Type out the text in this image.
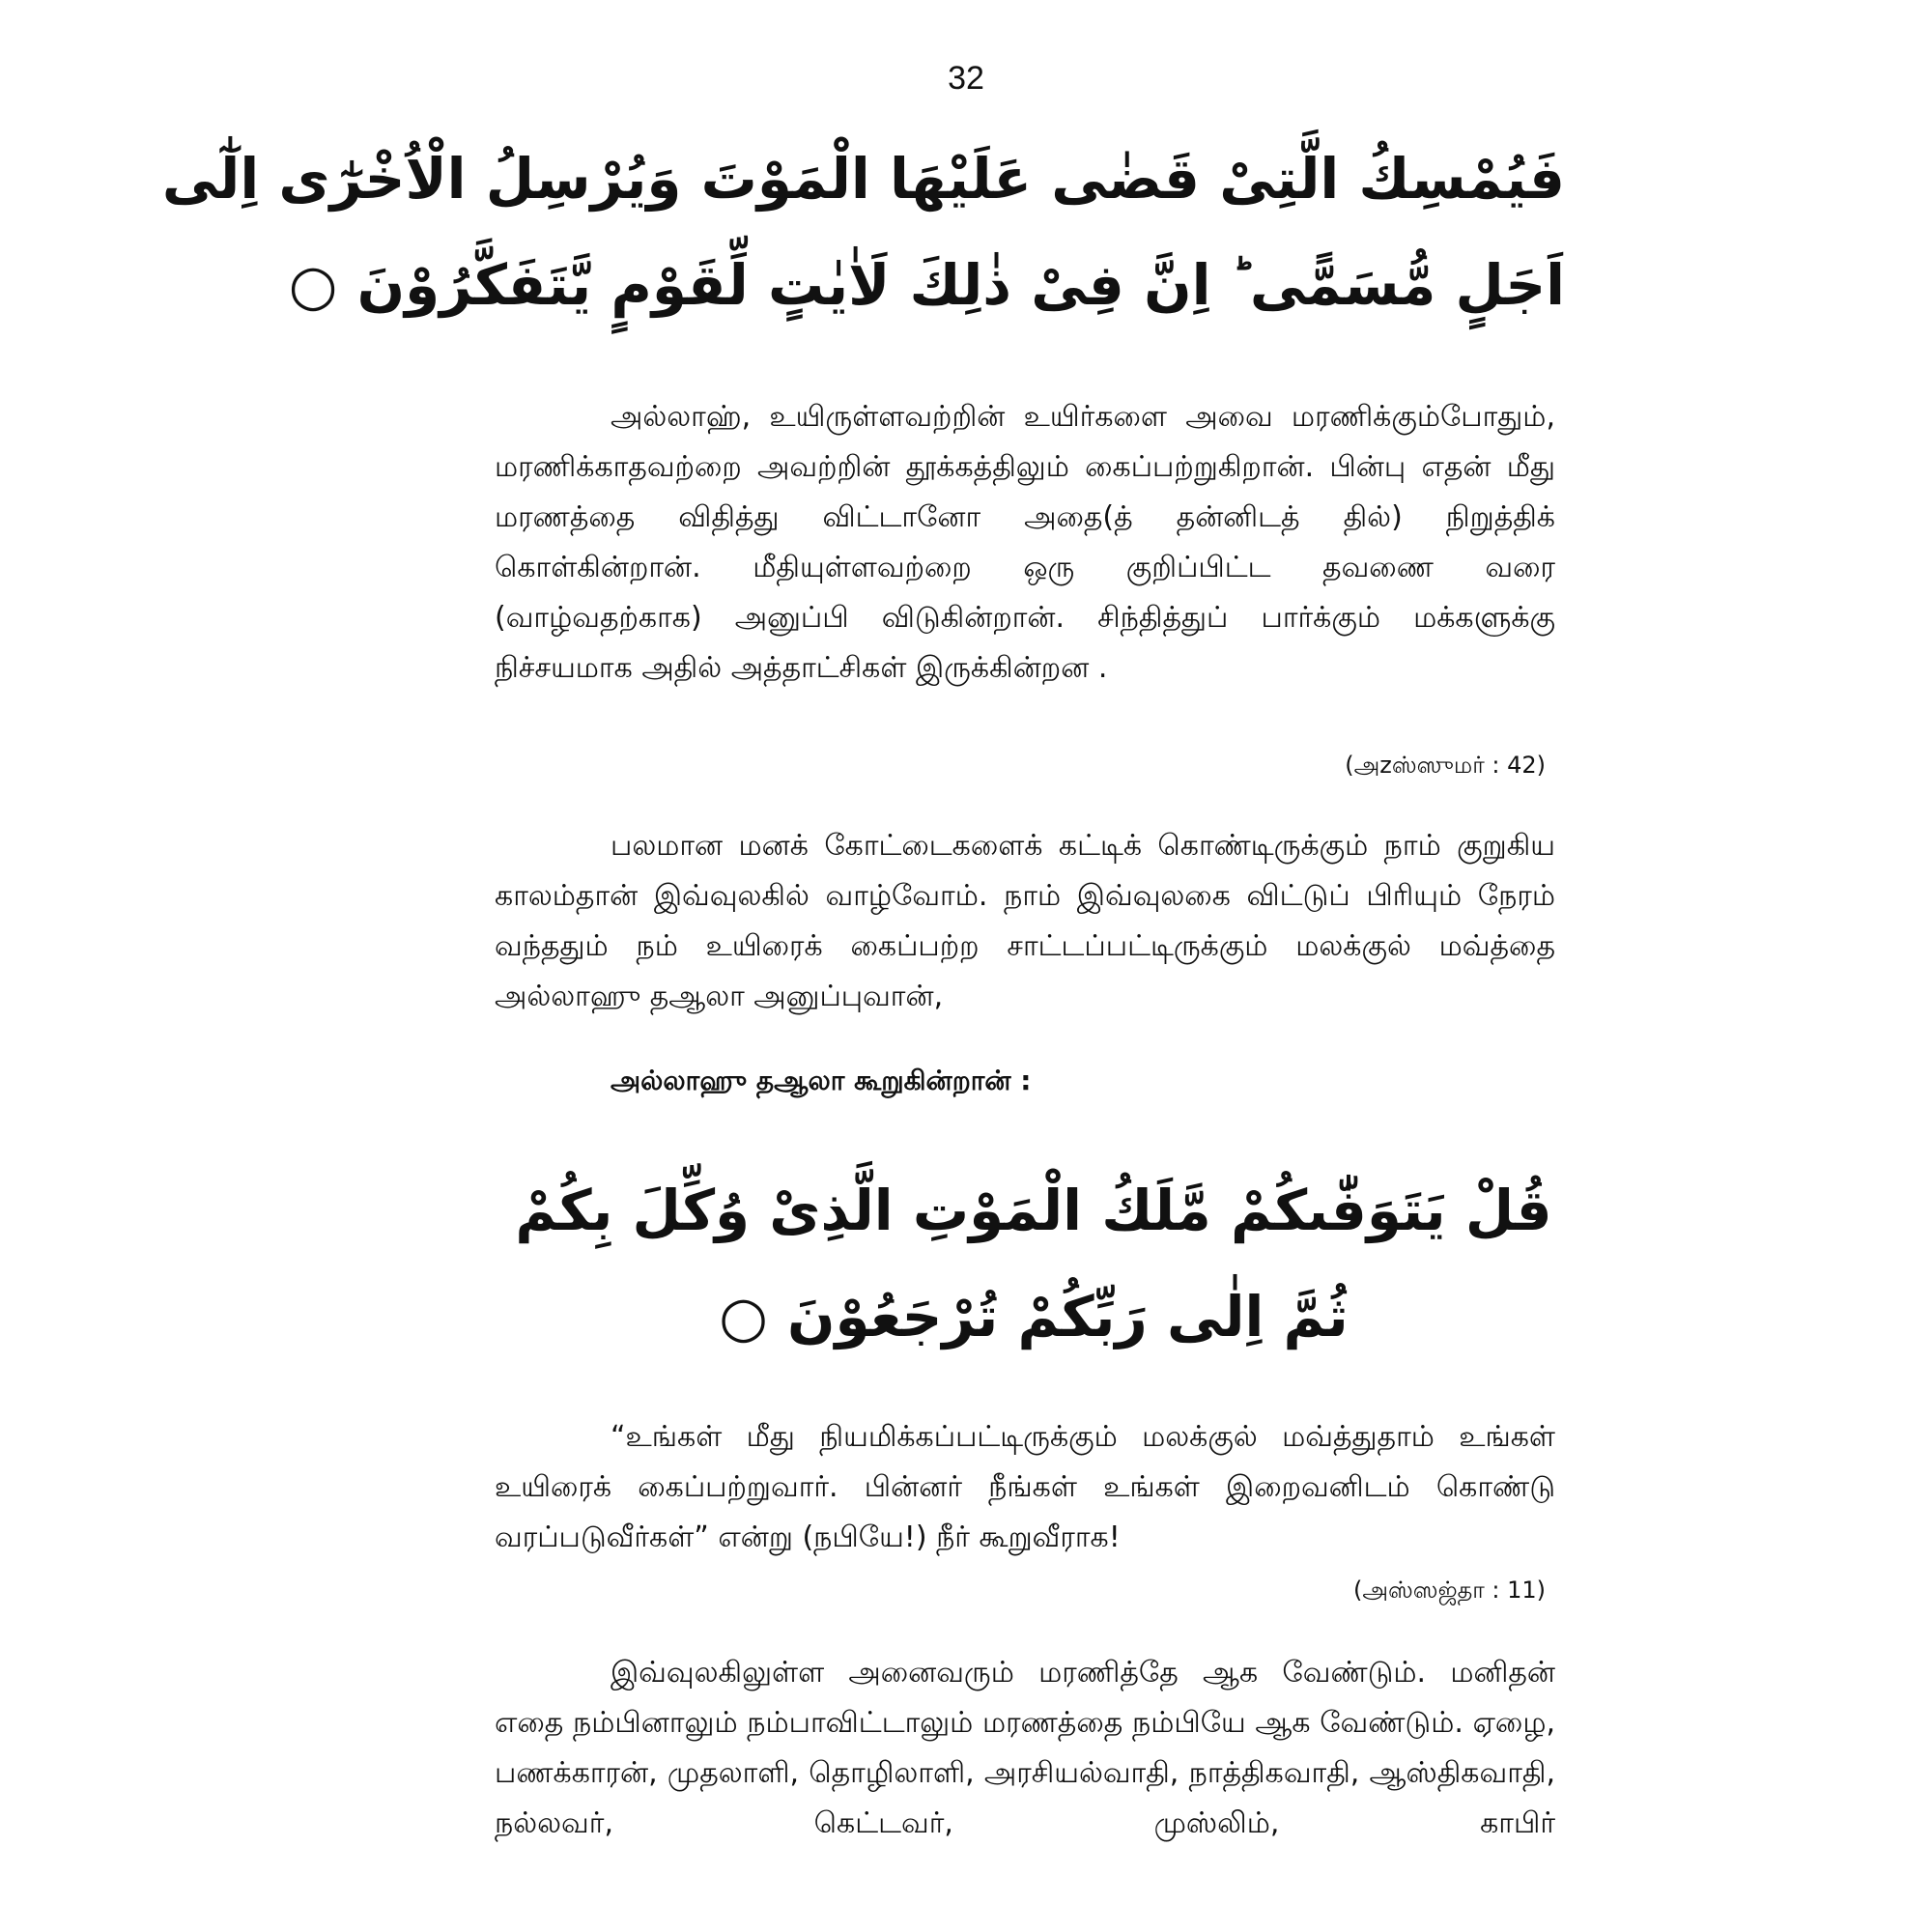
32
فَيُمْسِكُ الَّتِىْ قَضٰى عَلَيْهَا الْمَوْتَ وَيُرْسِلُ الْاُخْرٰٓى اِلٰٓى
اَجَلٍ مُّسَمًّى ؕ اِنَّ فِىْ ذٰلِكَ لَاٰيٰتٍ لِّقَوْمٍ يَّتَفَكَّرُوْنَ ○

அல்லாஹ், உயிருள்ளவற்றின் உயிர்களை அவை மரணிக்கும்போதும், மரணிக்காதவற்றை அவற்றின் தூக்கத்திலும் கைப்பற்றுகிறான். பின்பு எதன் மீது மரணத்தை விதித்து விட்டானோ அதை(த் தன்னிடத் தில்) நிறுத்திக் கொள்கின்றான். மீதியுள்ளவற்றை ஒரு குறிப்பிட்ட தவணை வரை (வாழ்வதற்காக) அனுப்பி விடுகின்றான். சிந்தித்துப் பார்க்கும் மக்களுக்கு நிச்சயமாக அதில் அத்தாட்சிகள் இருக்கின்றன .

(அzஸ்ஸுமர் : 42)

பலமான மனக் கோட்டைகளைக் கட்டிக் கொண்டிருக்கும் நாம் குறுகிய காலம்தான் இவ்வுலகில் வாழ்வோம். நாம் இவ்வுலகை விட்டுப் பிரியும் நேரம் வந்ததும் நம் உயிரைக் கைப்பற்ற சாட்டப்பட்டிருக்கும் மலக்குல் மவ்த்தை அல்லாஹு தஆலா அனுப்புவான்,

அல்லாஹு தஆலா கூறுகின்றான் :
قُلْ يَتَوَفّٰىكُمْ مَّلَكُ الْمَوْتِ الَّذِىْ وُكِّلَ بِكُمْ
ثُمَّ اِلٰى رَبِّكُمْ تُرْجَعُوْنَ ○

“உங்கள் மீது நியமிக்கப்பட்டிருக்கும் மலக்குல் மவ்த்துதாம் உங்கள் உயிரைக் கைப்பற்றுவார். பின்னர் நீங்கள் உங்கள் இறைவனிடம் கொண்டு வரப்படுவீர்கள்” என்று (நபியே!) நீர் கூறுவீராக!

(அஸ்ஸஜ்தா : 11)

இவ்வுலகிலுள்ள அனைவரும் மரணித்தே ஆக வேண்டும். மனிதன் எதை நம்பினாலும் நம்பாவிட்டாலும் மரணத்தை நம்பியே ஆக வேண்டும். ஏழை, பணக்காரன், முதலாளி, தொழிலாளி, அரசியல்வாதி, நாத்திகவாதி, ஆஸ்திகவாதி, நல்லவர், கெட்டவர், முஸ்லிம், காபிர்
